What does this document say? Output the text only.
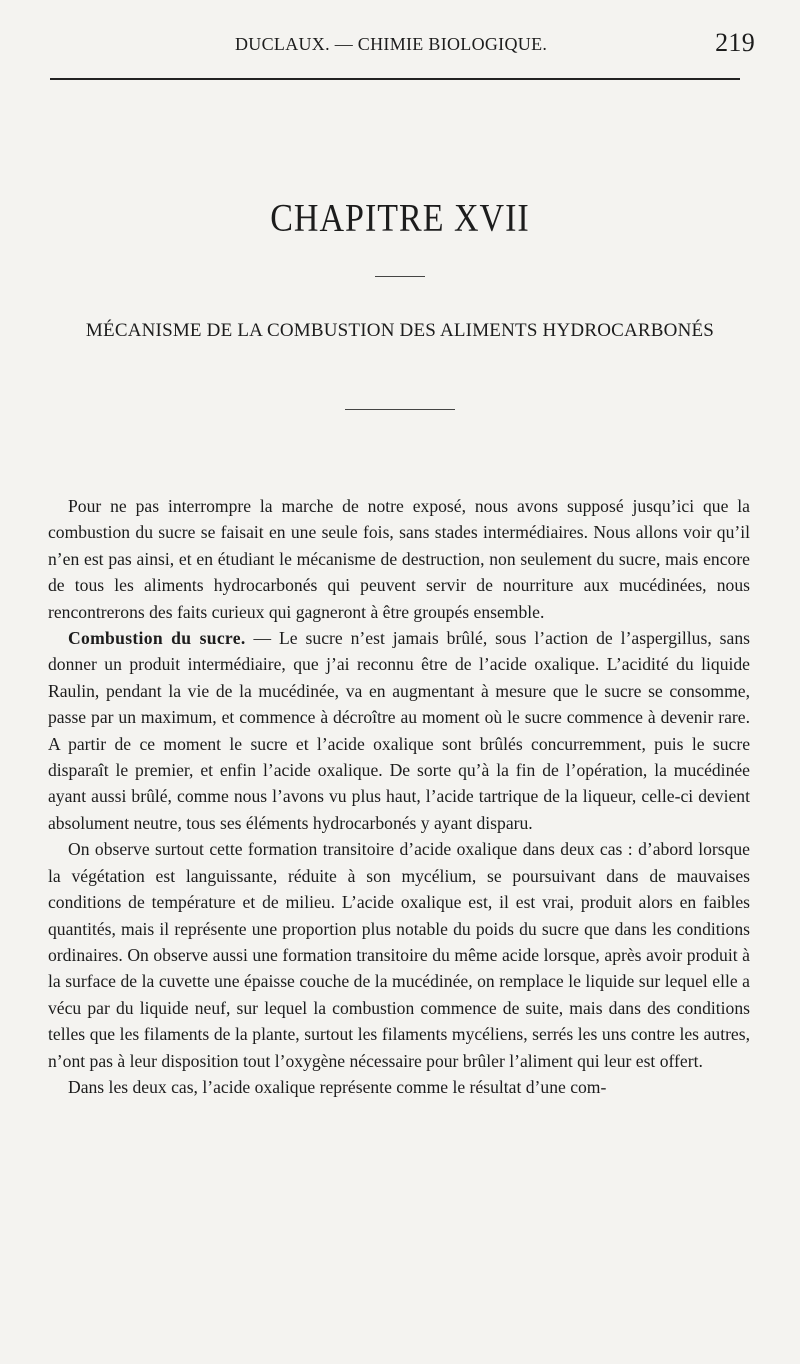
DUCLAUX. — CHIMIE BIOLOGIQUE.	219
CHAPITRE XVII
MÉCANISME DE LA COMBUSTION DES ALIMENTS HYDROCARBONÉS

Pour ne pas interrompre la marche de notre exposé, nous avons supposé jusqu’ici que la combustion du sucre se faisait en une seule fois, sans stades intermédiaires. Nous allons voir qu’il n’en est pas ainsi, et en étudiant le mécanisme de destruction, non seulement du sucre, mais encore de tous les aliments hydrocarbonés qui peuvent servir de nourriture aux mucédinées, nous rencontrerons des faits curieux qui gagneront à être groupés ensemble.

Combustion du sucre. — Le sucre n’est jamais brûlé, sous l’action de l’aspergillus, sans donner un produit intermédiaire, que j’ai reconnu être de l’acide oxalique. L’acidité du liquide Raulin, pendant la vie de la mucédinée, va en augmentant à mesure que le sucre se consomme, passe par un maximum, et commence à décroître au moment où le sucre commence à devenir rare. A partir de ce moment le sucre et l’acide oxalique sont brûlés concurremment, puis le sucre disparaît le premier, et enfin l’acide oxalique. De sorte qu’à la fin de l’opération, la mucédinée ayant aussi brûlé, comme nous l’avons vu plus haut, l’acide tartrique de la liqueur, celle-ci devient absolument neutre, tous ses éléments hydrocarbonés y ayant disparu.

On observe surtout cette formation transitoire d’acide oxalique dans deux cas : d’abord lorsque la végétation est languissante, réduite à son mycélium, se poursuivant dans de mauvaises conditions de température et de milieu. L’acide oxalique est, il est vrai, produit alors en faibles quantités, mais il représente une proportion plus notable du poids du sucre que dans les conditions ordinaires. On observe aussi une formation transitoire du même acide lorsque, après avoir produit à la surface de la cuvette une épaisse couche de la mucédinée, on remplace le liquide sur lequel elle a vécu par du liquide neuf, sur lequel la combustion commence de suite, mais dans des conditions telles que les filaments de la plante, surtout les filaments mycéliens, serrés les uns contre les autres, n’ont pas à leur disposition tout l’oxygène nécessaire pour brûler l’aliment qui leur est offert.

Dans les deux cas, l’acide oxalique représente comme le résultat d’une com-
